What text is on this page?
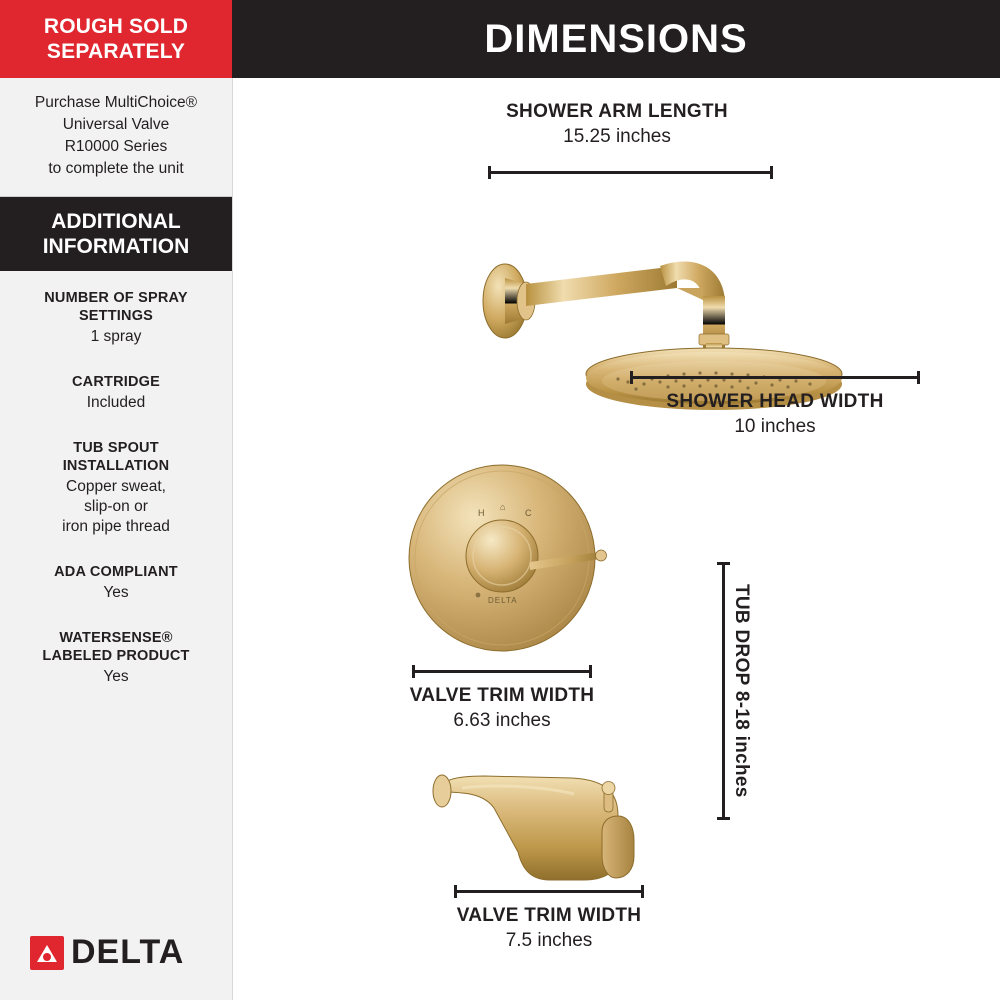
ROUGH SOLD
SEPARATELY
Purchase MultiChoice®
Universal Valve
R10000 Series
to complete the unit
ADDITIONAL
INFORMATION
NUMBER OF SPRAY
SETTINGS
1 spray
CARTRIDGE
Included
TUB SPOUT
INSTALLATION
Copper sweat,
slip-on or
iron pipe thread
ADA COMPLIANT
Yes
WATERSENSE®
LABELED PRODUCT
Yes
DELTA
DIMENSIONS
SHOWER ARM LENGTH
15.25 inches
SHOWER HEAD WIDTH
10 inches
H
⌂
C
DELTA
VALVE TRIM WIDTH
6.63 inches	TUB DROP 8-18 inches
VALVE TRIM WIDTH
7.5 inches
